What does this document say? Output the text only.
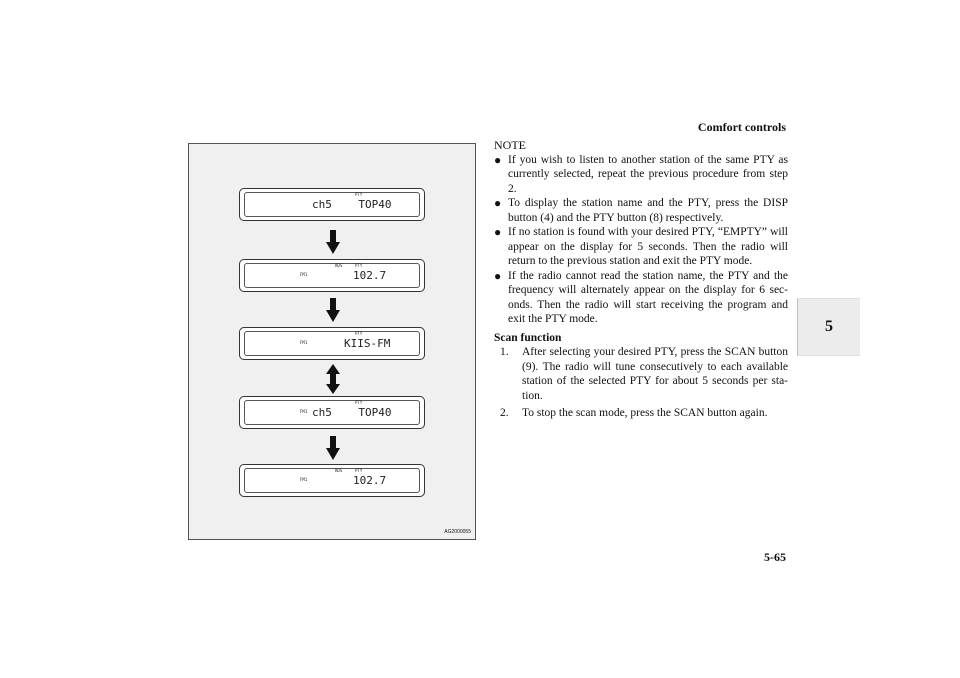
Comfort controls
5
PTY
ch5    TOP40
FM1
RDS	PTY
102.7
FM1
PTY
KIIS-FM
FM1
PTY
ch5    TOP40
FM1
RDS	PTY
102.7
AG2000055
NOTE
● If you wish to listen to another station of the same PTY as currently selected, repeat the previous procedure from step 2.
● To display the station name and the PTY, press the DISP button (4) and the PTY button (8) respectively.
● If no station is found with your desired PTY, “EMPTY” will appear on the display for 5 seconds. Then the radio will return to the previous station and exit the PTY mode.
● If the radio cannot read the station name, the PTY and the frequency will alternately appear on the display for 6 sec-onds. Then the radio will start receiving the program and exit the PTY mode.
Scan function
1. After selecting your desired PTY, press the SCAN button (9). The radio will tune consecutively to each available station of the selected PTY for about 5 seconds per sta-tion.
2. To stop the scan mode, press the SCAN button again.
5-65
